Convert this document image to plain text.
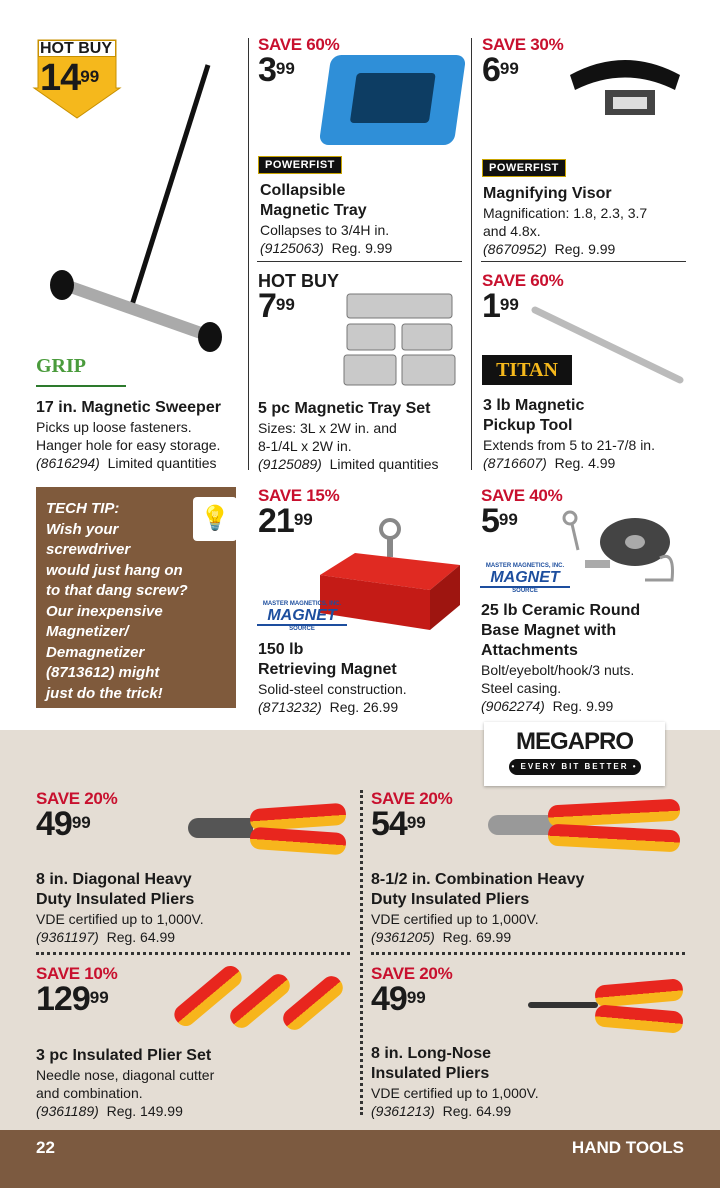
HOT BUY
$14^{99}$
GRIP
17 in. Magnetic Sweeper
Picks up loose fasteners.
Hanger hole for easy storage.
(8616294) Limited quantities
SAVE 60%
$3^{99}$
POWERFIST
Collapsible
Magnetic Tray
Collapses to 3/4H in.
(9125063) Reg. 9.99
SAVE 30%
$6^{99}$
POWERFIST
Magnifying Visor
Magnification: 1.8, 2.3, 3.7
and 4.8x.
(8670952) Reg. 9.99
HOT BUY
$7^{99}$
5 pc Magnetic Tray Set
Sizes: 3L x 2W in. and
8-1/4L x 2W in.
(9125089) Limited quantities
SAVE 60%
$1^{99}$
TITAN
3 lb Magnetic
Pickup Tool
Extends from 5 to 21-7/8 in.
(8716607) Reg. 4.99
TECH TIP:
Wish your
screwdriver
would just hang on
to that dang screw?
Our inexpensive
Magnetizer/
Demagnetizer
(8713612) might
just do the trick!
💡
SAVE 15%
$21^{99}$
MASTER MAGNETICS, INC.
MAGNET
SOURCE
150 lb
Retrieving Magnet
Solid-steel construction.
(8713232) Reg. 26.99
SAVE 40%
$5^{99}$
MASTER MAGNETICS, INC.
MAGNET
SOURCE
25 lb Ceramic Round
Base Magnet with
Attachments
Bolt/eyebolt/hook/3 nuts.
Steel casing.
(9062274) Reg. 9.99
MEGAPRO
• EVERY BIT BETTER •
SAVE 20%
$49^{99}$
8 in. Diagonal Heavy
Duty Insulated Pliers
VDE certified up to 1,000V.
(9361197) Reg. 64.99
SAVE 20%
$54^{99}$
8-1/2 in. Combination Heavy
Duty Insulated Pliers
VDE certified up to 1,000V.
(9361205) Reg. 69.99
SAVE 10%
$129^{99}$
3 pc Insulated Plier Set
Needle nose, diagonal cutter
and combination.
(9361189) Reg. 149.99
SAVE 20%
$49^{99}$
8 in. Long-Nose
Insulated Pliers
VDE certified up to 1,000V.
(9361213) Reg. 64.99
22	HAND TOOLS
